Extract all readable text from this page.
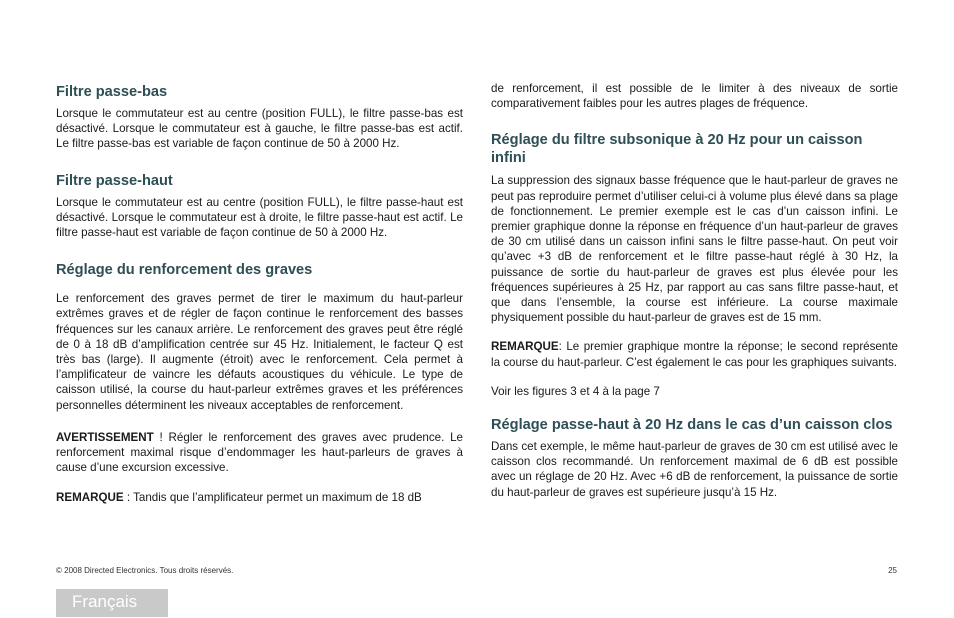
Filtre passe-bas

Lorsque le commutateur est au centre (position FULL), le filtre passe-bas est désactivé. Lorsque le commutateur est à gauche, le filtre passe-bas est actif. Le filtre passe-bas est variable de façon continue de 50 à 2000 Hz.

Filtre passe-haut

Lorsque le commutateur est au centre (position FULL), le filtre passe-haut est désactivé. Lorsque le commutateur est à droite, le filtre passe-haut est actif. Le filtre passe-haut est variable de façon continue de 50 à 2000 Hz.

Réglage du renforcement des graves

Le renforcement des graves permet de tirer le maximum du haut-parleur extrêmes graves et de régler de façon continue le renforcement des basses fréquences sur les canaux arrière. Le renforcement des graves peut être réglé de 0 à 18 dB d’amplification centrée sur 45 Hz. Initialement, le facteur Q est très bas (large). Il augmente (étroit) avec le renforcement. Cela permet à l’amplificateur de vaincre les défauts acoustiques du véhicule. Le type de caisson utilisé, la course du haut-parleur extrêmes graves et les préférences personnelles déterminent les niveaux acceptables de renforcement.

AVERTISSEMENT ! Régler le renforcement des graves avec prudence. Le renforcement maximal risque d’endommager les haut-parleurs de graves à cause d’une excursion excessive.

REMARQUE : Tandis que l’amplificateur permet un maximum de 18 dB

de renforcement, il est possible de le limiter à des niveaux de sortie comparativement faibles pour les autres plages de fréquence.

Réglage du filtre subsonique à 20 Hz pour un caisson infini

La suppression des signaux basse fréquence que le haut-parleur de graves ne peut pas reproduire permet d’utiliser celui-ci à volume plus élevé dans sa plage de fonctionnement. Le premier exemple est le cas d’un caisson infini. Le premier graphique donne la réponse en fréquence d’un haut-parleur de graves de 30 cm utilisé dans un caisson infini sans le filtre passe-haut. On peut voir qu’avec +3 dB de renforcement et le filtre passe-haut réglé à 30 Hz, la puissance de sortie du haut-parleur de graves est plus élevée pour les fréquences supérieures à 25 Hz, par rapport au cas sans filtre passe-haut, et que dans l’ensemble, la course est inférieure. La course maximale physiquement possible du haut-parleur de graves est de 15 mm.

REMARQUE: Le premier graphique montre la réponse; le second représente la course du haut-parleur. C’est également le cas pour les graphiques suivants.

Voir les figures 3 et 4 à la page 7

Réglage passe-haut à 20 Hz dans le cas d’un caisson clos

Dans cet exemple, le même haut-parleur de graves de 30 cm est utilisé avec le caisson clos recommandé. Un renforcement maximal de 6 dB est possible avec un réglage de 20 Hz. Avec +6 dB de renforcement, la puissance de sortie du haut-parleur de graves est supérieure jusqu’à 15 Hz.

© 2008 Directed Electronics. Tous droits réservés.	25
Français
